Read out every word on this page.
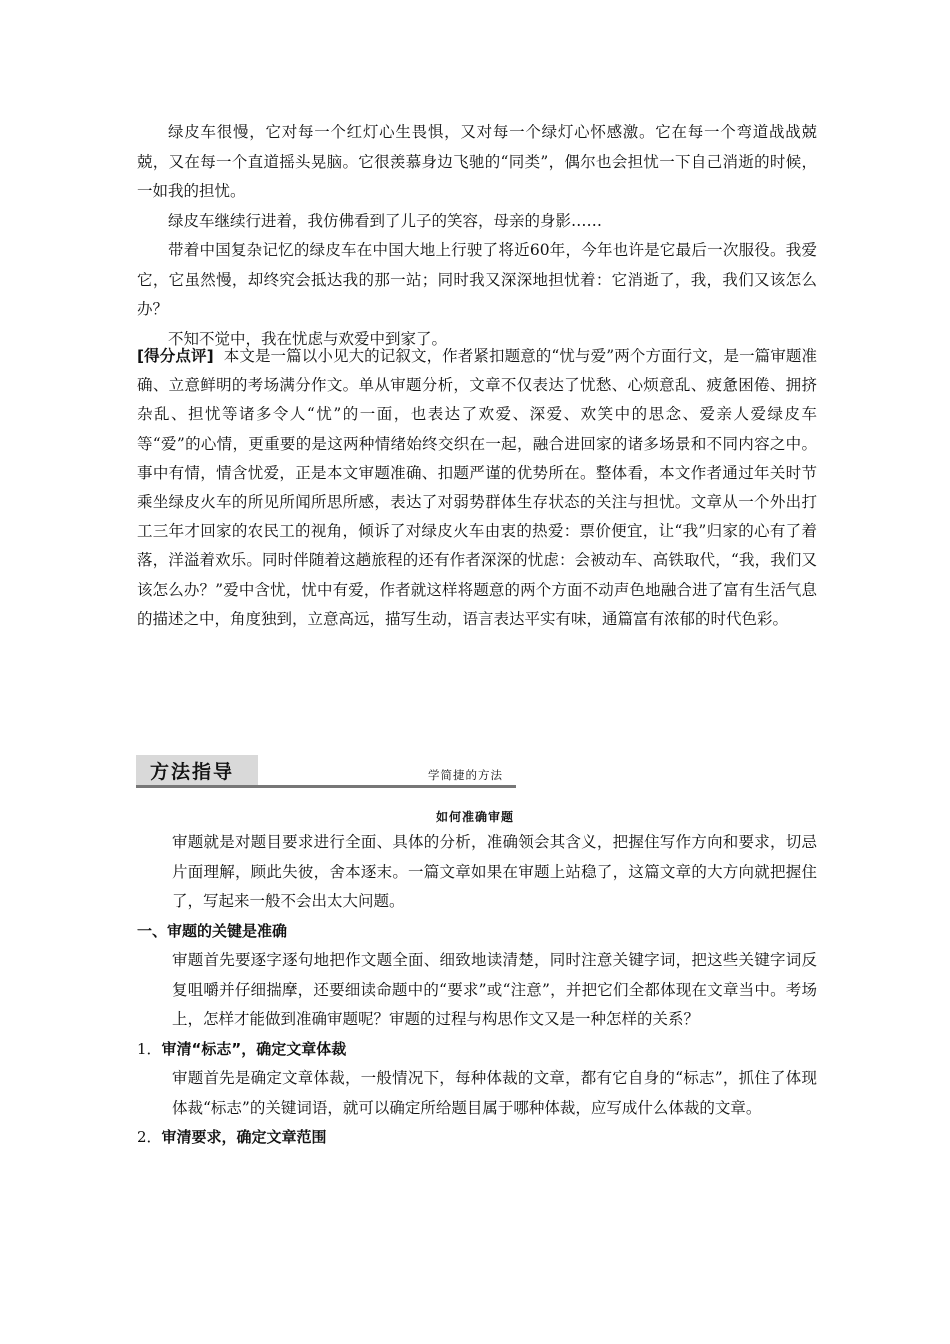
绿皮车很慢，它对每一个红灯心生畏惧，又对每一个绿灯心怀感激。它在每一个弯道战战兢兢，又在每一个直道摇头晃脑。它很羡慕身边飞驰的“同类”，偶尔也会担忧一下自己消逝的时候，一如我的担忧。

绿皮车继续行进着，我仿佛看到了儿子的笑容，母亲的身影……

带着中国复杂记忆的绿皮车在中国大地上行驶了将近60年，今年也许是它最后一次服役。我爱它，它虽然慢，却终究会抵达我的那一站；同时我又深深地担忧着：它消逝了，我，我们又该怎么办？

不知不觉中，我在忧虑与欢爱中到家了。

[得分点评] 本文是一篇以小见大的记叙文，作者紧扣题意的“忧与爱”两个方面行文，是一篇审题准确、立意鲜明的考场满分作文。单从审题分析，文章不仅表达了忧愁、心烦意乱、疲惫困倦、拥挤杂乱、担忧等诸多令人“忧”的一面，也表达了欢爱、深爱、欢笑中的思念、爱亲人爱绿皮车等“爱”的心情，更重要的是这两种情绪始终交织在一起，融合进回家的诸多场景和不同内容之中。事中有情，情含忧爱，正是本文审题准确、扣题严谨的优势所在。整体看，本文作者通过年关时节乘坐绿皮火车的所见所闻所思所感，表达了对弱势群体生存状态的关注与担忧。文章从一个外出打工三年才回家的农民工的视角，倾诉了对绿皮火车由衷的热爱：票价便宜，让“我”归家的心有了着落，洋溢着欢乐。同时伴随着这趟旅程的还有作者深深的忧虑：会被动车、高铁取代，“我，我们又该怎么办？”爱中含忧，忧中有爱，作者就这样将题意的两个方面不动声色地融合进了富有生活气息的描述之中，角度独到，立意高远，描写生动，语言表达平实有味，通篇富有浓郁的时代色彩。

方法指导	学简捷的方法
如何准确审题

审题就是对题目要求进行全面、具体的分析，准确领会其含义，把握住写作方向和要求，切忌片面理解，顾此失彼，舍本逐末。一篇文章如果在审题上站稳了，这篇文章的大方向就把握住了，写起来一般不会出太大问题。

一、审题的关键是准确

审题首先要逐字逐句地把作文题全面、细致地读清楚，同时注意关键字词，把这些关键字词反复咀嚼并仔细揣摩，还要细读命题中的“要求”或“注意”，并把它们全都体现在文章当中。考场上，怎样才能做到准确审题呢？审题的过程与构思作文又是一种怎样的关系？

1．审清“标志”，确定文章体裁

审题首先是确定文章体裁，一般情况下，每种体裁的文章，都有它自身的“标志”，抓住了体现体裁“标志”的关键词语，就可以确定所给题目属于哪种体裁，应写成什么体裁的文章。

2．审清要求，确定文章范围
